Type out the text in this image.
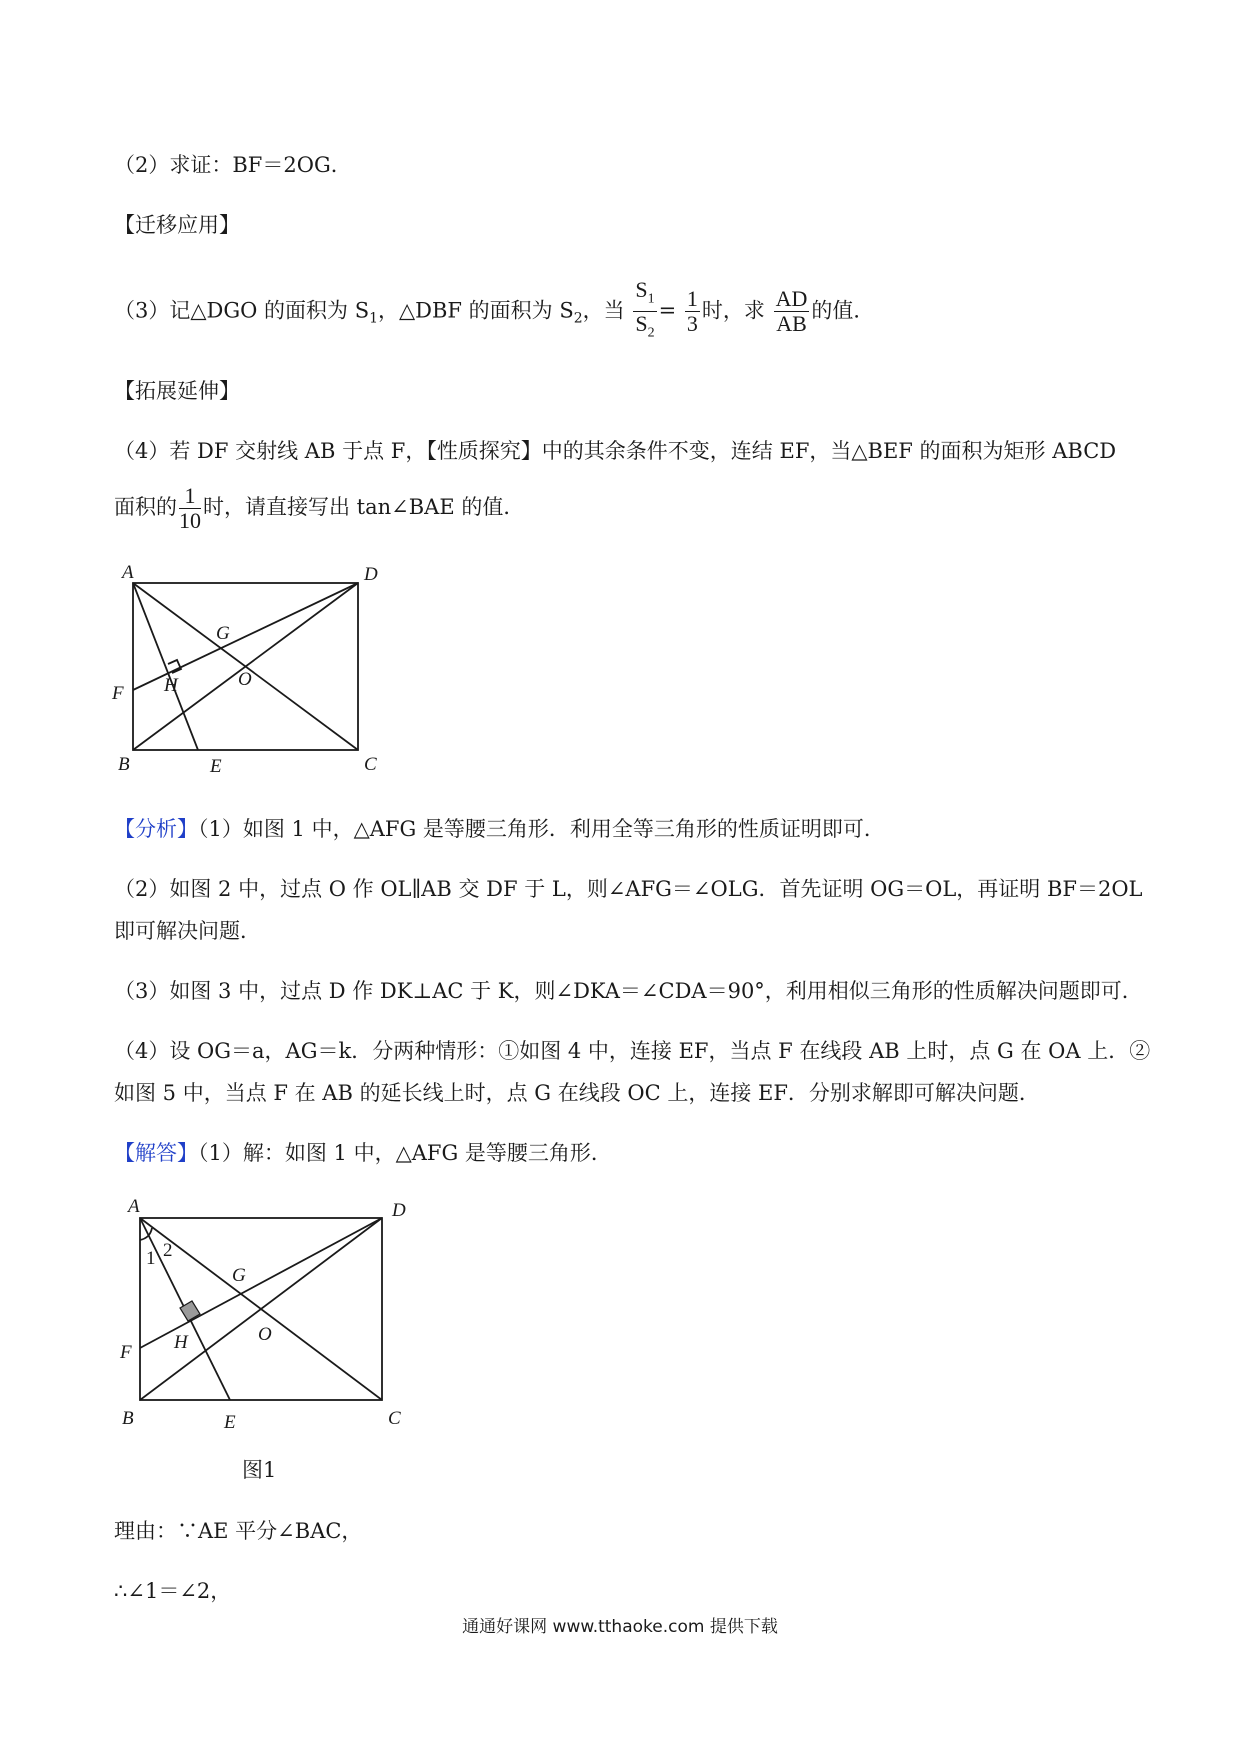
（2）求证：BF＝2OG．
【迁移应用】
（3）记△DGO 的面积为 $S_1$，△DBF 的面积为 $S_2$，当 $\frac{S_1}{S_2} = \frac{1}{3}$ 时，求 $\frac{AD}{AB}$ 的值．
【拓展延伸】
（4）若 DF 交射线 AB 于点 F，【性质探究】中的其余条件不变，连结 EF，当△BEF 的面积为矩形 ABCD
面积的 $\frac{1}{10}$ 时，请直接写出 tan∠BAE 的值．
A	D
G
F H	O
B	E	C
【分析】（1）如图 1 中，△AFG 是等腰三角形．利用全等三角形的性质证明即可．
（2）如图 2 中，过点 O 作 OL∥AB 交 DF 于 L，则∠AFG＝∠OLG．首先证明 OG＝OL，再证明 BF＝2OL
即可解决问题．
（3）如图 3 中，过点 D 作 DK⊥AC 于 K，则∠DKA＝∠CDA＝90°，利用相似三角形的性质解决问题即可．
（4）设 OG＝a，AG＝k．分两种情形：①如图 4 中，连接 EF，当点 F 在线段 AB 上时，点 G 在 OA 上．②
如图 5 中，当点 F 在 AB 的延长线上时，点 G 在线段 OC 上，连接 EF．分别求解即可解决问题．
【解答】（1）解：如图 1 中，△AFG 是等腰三角形．
A	D
1 2
G
F H	O
B	E	C
图1
理由：∵AE 平分∠BAC，
∴∠1＝∠2，
通通好课网 www.tthaoke.com 提供下载
